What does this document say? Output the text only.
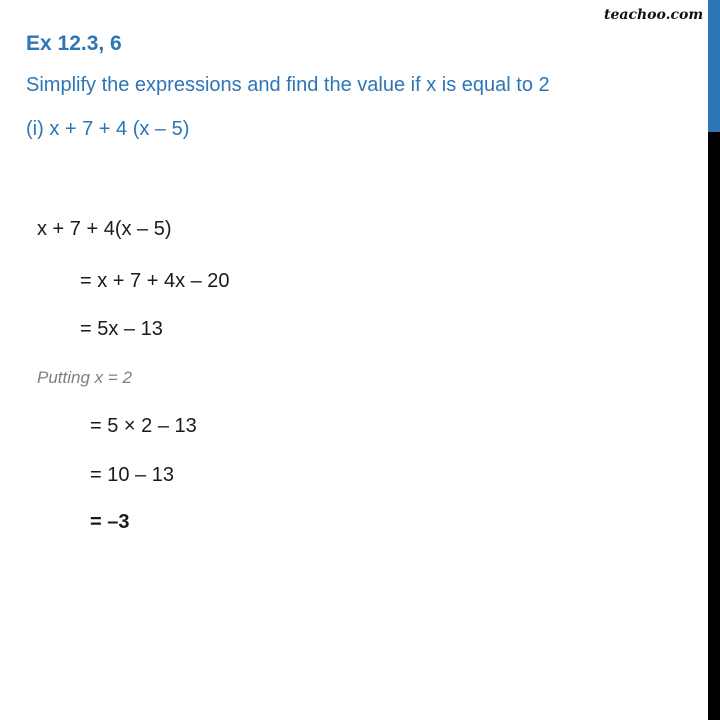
teachoo.com
Ex 12.3, 6
Simplify the expressions and find the value if x is equal to 2
(i) x + 7 + 4 (x – 5)
x + 7 + 4(x – 5)
= x + 7 + 4x – 20
= 5x – 13
Putting x = 2
= 5 × 2 – 13
= 10 – 13
= –3
